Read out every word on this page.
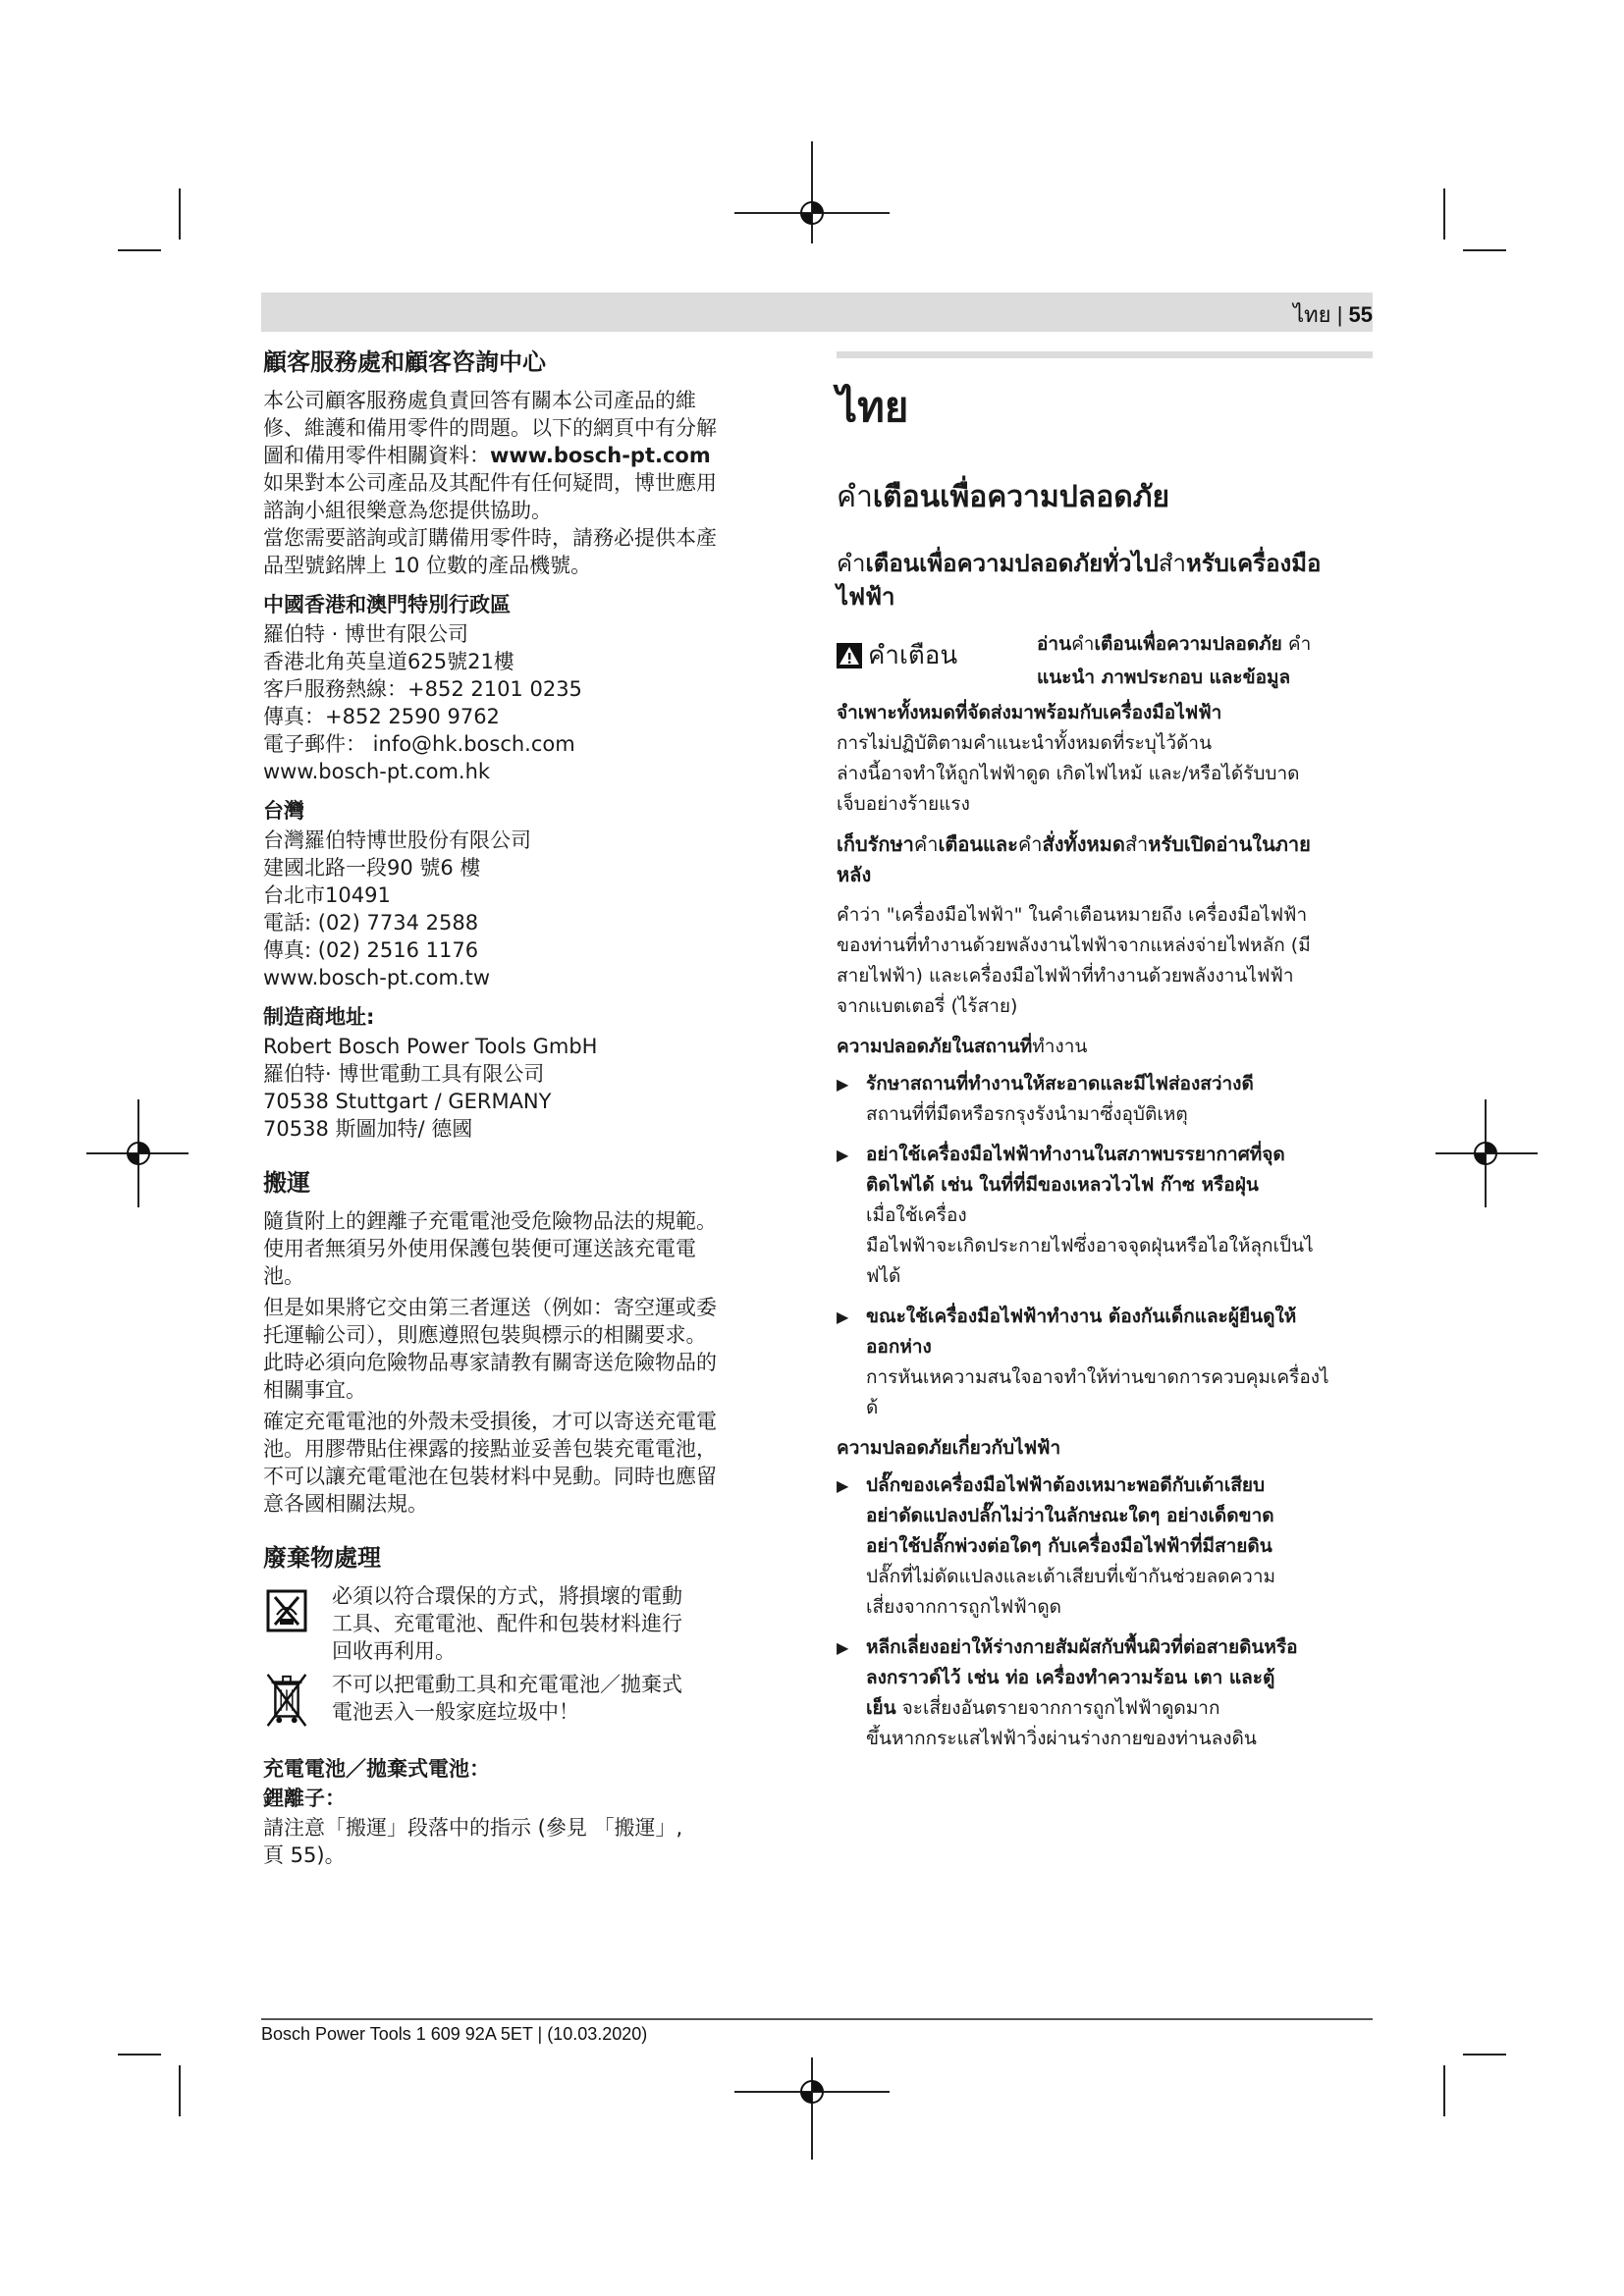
ไทย | 55
顧客服務處和顧客咨詢中心
本公司顧客服務處負責回答有關本公司產品的維
修、維護和備用零件的問題。以下的網頁中有分解
圖和備用零件相關資料：www.bosch-pt.com
如果對本公司產品及其配件有任何疑問，博世應用
諮詢小組很樂意為您提供協助。
當您需要諮詢或訂購備用零件時，請務必提供本產
品型號銘牌上 10 位數的產品機號。
中國香港和澳門特別行政區
羅伯特 · 博世有限公司
香港北角英皇道625號21樓
客戶服務熱線：+852 2101 0235
傳真：+852 2590 9762
電子郵件： info@hk.bosch.com
www.bosch-pt.com.hk
台灣
台灣羅伯特博世股份有限公司
建國北路一段90 號6 樓
台北市10491
電話: (02) 7734 2588
傳真: (02) 2516 1176
www.bosch-pt.com.tw
制造商地址:
Robert Bosch Power Tools GmbH
羅伯特· 博世電動工具有限公司
70538 Stuttgart / GERMANY
70538 斯圖加特/ 德國
搬運

隨貨附上的鋰離子充電電池受危險物品法的規範。
使用者無須另外使用保護包裝便可運送該充電電
池。

但是如果將它交由第三者運送（例如：寄空運或委
托運輸公司），則應遵照包裝與標示的相關要求。
此時必須向危險物品專家請教有關寄送危險物品的
相關事宜。

確定充電電池的外殼未受損後，才可以寄送充電電
池。用膠帶貼住裸露的接點並妥善包裝充電電池，
不可以讓充電電池在包裝材料中晃動。同時也應留
意各國相關法規。

廢棄物處理
必須以符合環保的方式，將損壞的電動
工具、充電電池、配件和包裝材料進行
回收再利用。
不可以把電動工具和充電電池／拋棄式
電池丟入一般家庭垃圾中！
充電電池／拋棄式電池：
鋰離子：
請注意「搬運」段落中的指示 (參見 「搬運」,
頁 55)。
ไทย
คำเตือนเพื่อความปลอดภัย
คำเตือนเพื่อความปลอดภัยทั่วไปสำหรับเครื่องมือ
ไฟฟ้า
คำเตือน	อ่านคำเตือนเพื่อความปลอดภัย คำ
แนะนำ ภาพประกอบ และข้อมูล
จำเพาะทั้งหมดที่จัดส่งมาพร้อมกับเครื่องมือไฟฟ้า
การไม่ปฏิบัติตามคำแนะนำทั้งหมดที่ระบุไว้ด้าน
ล่างนี้อาจทำให้ถูกไฟฟ้าดูด เกิดไฟไหม้ และ/หรือได้รับบาด
เจ็บอย่างร้ายแรง
เก็บรักษาคำเตือนและคำสั่งทั้งหมดสำหรับเปิดอ่านในภาย
หลัง
คำว่า "เครื่องมือไฟฟ้า" ในคำเตือนหมายถึง เครื่องมือไฟฟ้า
ของท่านที่ทำงานด้วยพลังงานไฟฟ้าจากแหล่งจ่ายไฟหลัก (มี
สายไฟฟ้า) และเครื่องมือไฟฟ้าที่ทำงานด้วยพลังงานไฟฟ้า
จากแบตเตอรี่ (ไร้สาย)
ความปลอดภัยในสถานที่ทำงาน
▶ รักษาสถานที่ทำงานให้สะอาดและมีไฟส่องสว่างดี
สถานที่ที่มืดหรือรกรุงรังนำมาซึ่งอุบัติเหตุ
▶ อย่าใช้เครื่องมือไฟฟ้าทำงานในสภาพบรรยากาศที่จุด
ติดไฟได้ เช่น ในที่ที่มีของเหลวไวไฟ ก๊าซ หรือฝุ่น
เมื่อใช้เครื่อง
มือไฟฟ้าจะเกิดประกายไฟซึ่งอาจจุดฝุ่นหรือไอให้ลุกเป็นไ
ฟได้
▶ ขณะใช้เครื่องมือไฟฟ้าทำงาน ต้องกันเด็กและผู้ยืนดูให้
ออกห่าง
การหันเหความสนใจอาจทำให้ท่านขาดการควบคุมเครื่องไ
ด้
ความปลอดภัยเกี่ยวกับไฟฟ้า
▶ ปลั๊กของเครื่องมือไฟฟ้าต้องเหมาะพอดีกับเต้าเสียบ
อย่าดัดแปลงปลั๊กไม่ว่าในลักษณะใดๆ อย่างเด็ดขาด
อย่าใช้ปลั๊กพ่วงต่อใดๆ กับเครื่องมือไฟฟ้าที่มีสายดิน
ปลั๊กที่ไม่ดัดแปลงและเต้าเสียบที่เข้ากันช่วยลดความ
เสี่ยงจากการถูกไฟฟ้าดูด
▶ หลีกเลี่ยงอย่าให้ร่างกายสัมผัสกับพื้นผิวที่ต่อสายดินหรือ
ลงกราวด์ไว้ เช่น ท่อ เครื่องทำความร้อน เตา และตู้
เย็น จะเสี่ยงอันตรายจากการถูกไฟฟ้าดูดมาก
ขึ้นหากกระแสไฟฟ้าวิ่งผ่านร่างกายของท่านลงดิน
Bosch Power Tools 1 609 92A 5ET | (10.03.2020)
